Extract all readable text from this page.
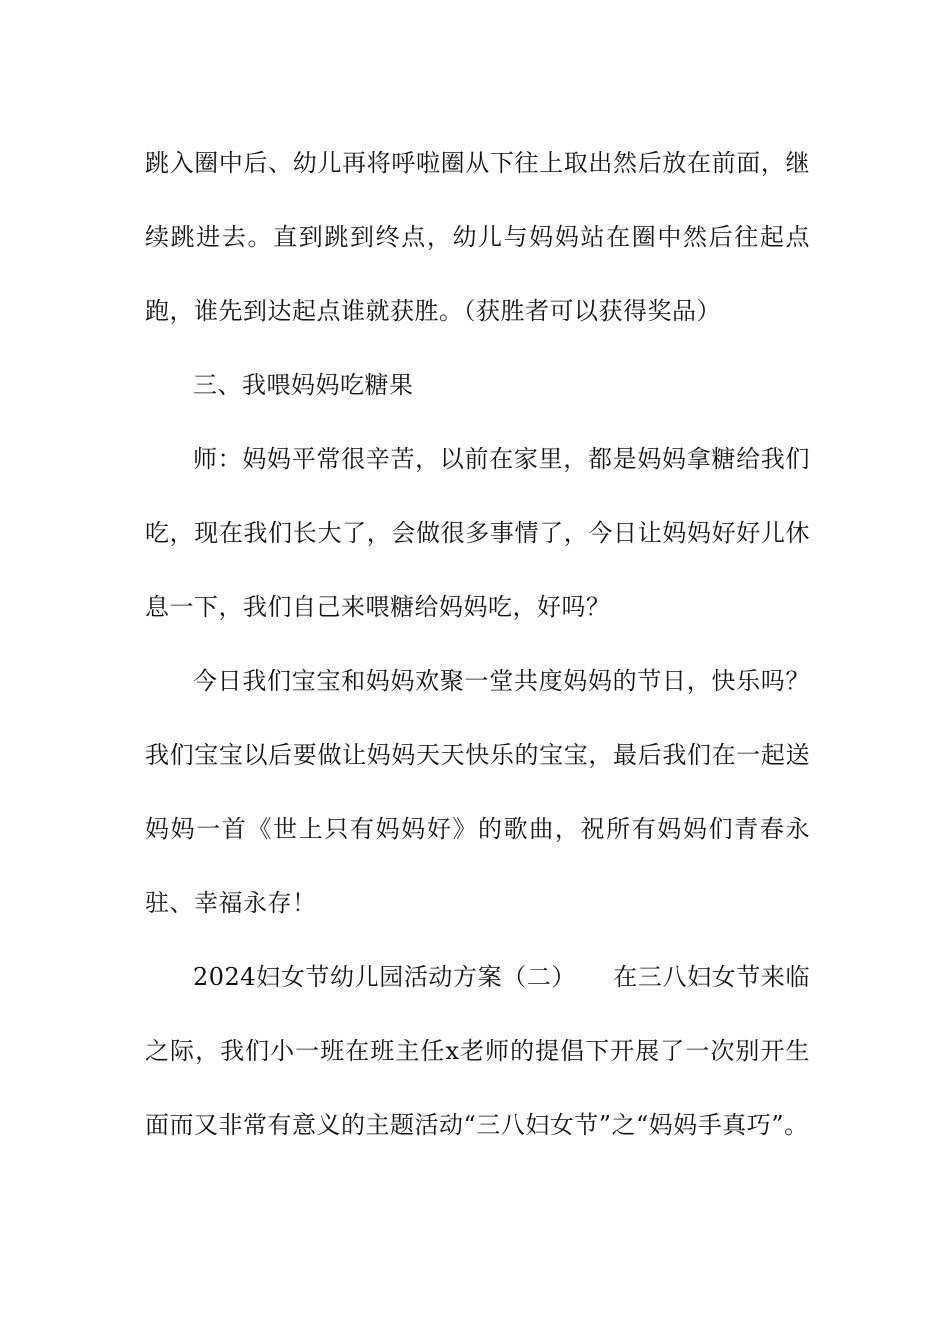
跳入圈中后、幼儿再将呼啦圈从下往上取出然后放在前面，继续跳进去。直到跳到终点，幼儿与妈妈站在圈中然后往起点跑，谁先到达起点谁就获胜。（获胜者可以获得奖品）

三、我喂妈妈吃糖果

师：妈妈平常很辛苦，以前在家里，都是妈妈拿糖给我们吃，现在我们长大了，会做很多事情了，今日让妈妈好好儿休息一下，我们自己来喂糖给妈妈吃，好吗？

今日我们宝宝和妈妈欢聚一堂共度妈妈的节日，快乐吗？我们宝宝以后要做让妈妈天天快乐的宝宝，最后我们在一起送妈妈一首《世上只有妈妈好》的歌曲，祝所有妈妈们青春永驻、幸福永存！

2024妇女节幼儿园活动方案（二）　　在三八妇女节来临之际，我们小一班在班主任x老师的提倡下开展了一次别开生面而又非常有意义的主题活动“三八妇女节”之“妈妈手真巧”。
